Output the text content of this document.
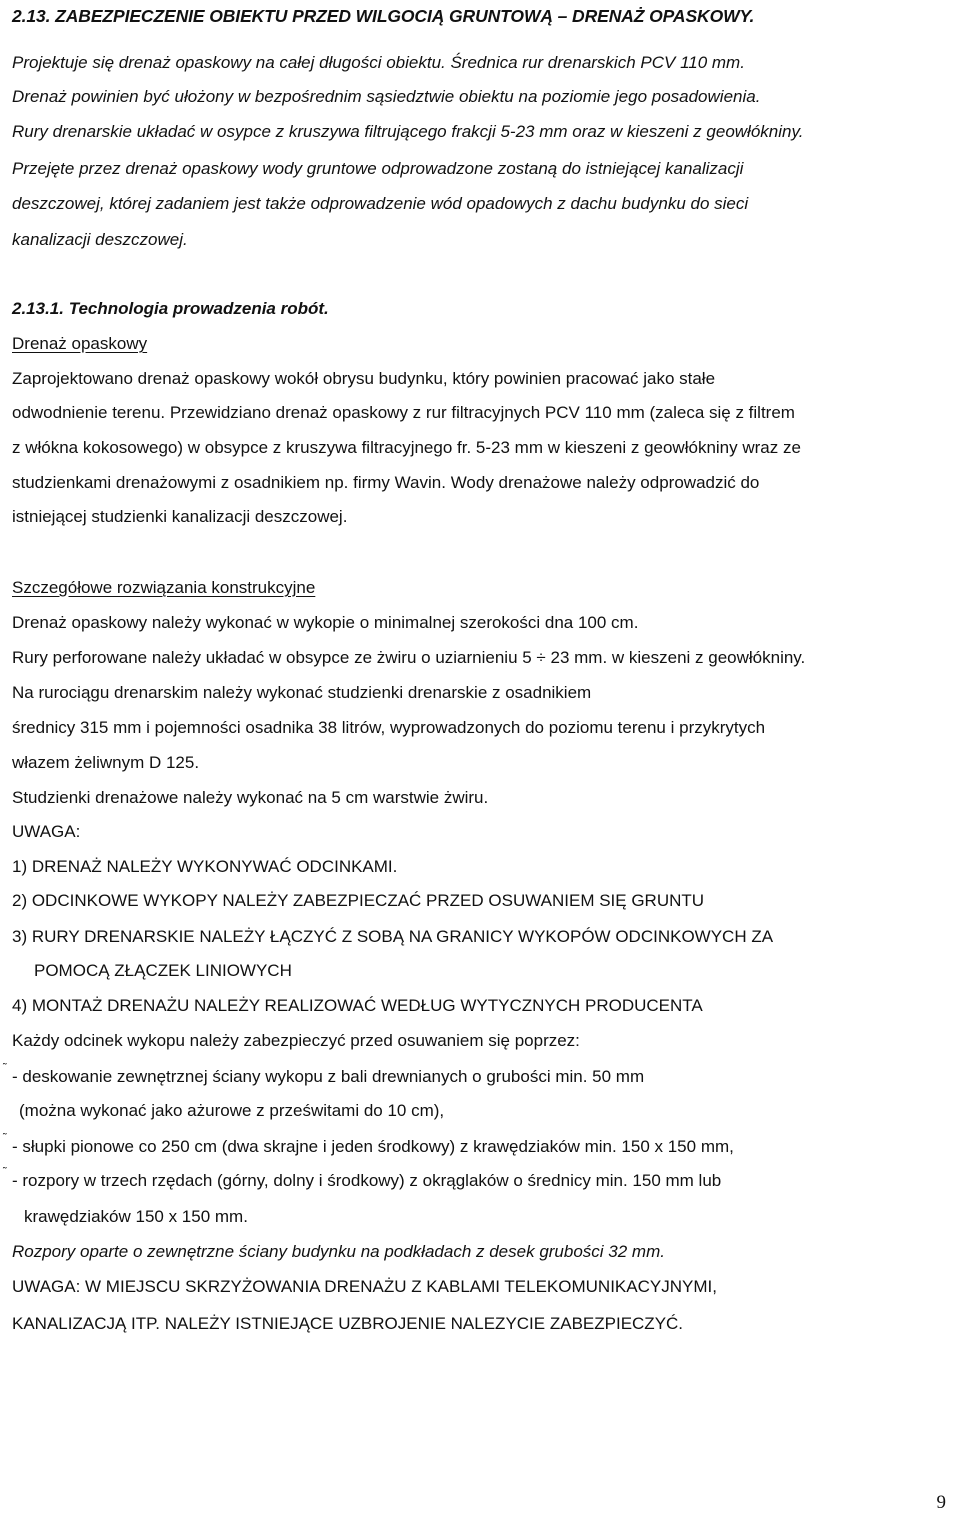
2.13. ZABEZPIECZENIE OBIEKTU PRZED WILGOCIĄ GRUNTOWĄ – DRENAŻ OPASKOWY.

Projektuje się drenaż opaskowy na całej długości obiektu. Średnica rur drenarskich PCV 110 mm.

Drenaż powinien być ułożony w bezpośrednim sąsiedztwie obiektu na poziomie jego posadowienia.

Rury drenarskie układać w osypce z kruszywa filtrującego frakcji 5-23 mm oraz w kieszeni z geowłókniny.

Przejęte przez drenaż opaskowy wody gruntowe odprowadzone zostaną do istniejącej kanalizacji

deszczowej, której zadaniem jest także odprowadzenie wód opadowych z dachu budynku do sieci

kanalizacji deszczowej.

2.13.1. Technologia prowadzenia robót.

Drenaż opaskowy

Zaprojektowano drenaż opaskowy wokół obrysu budynku, który powinien pracować jako stałe

odwodnienie terenu. Przewidziano drenaż opaskowy z rur filtracyjnych PCV 110 mm (zaleca się z filtrem

z włókna kokosowego) w obsypce z kruszywa filtracyjnego fr. 5-23 mm w kieszeni z geowłókniny wraz ze

studzienkami drenażowymi z osadnikiem np. firmy Wavin. Wody drenażowe należy odprowadzić do

istniejącej studzienki kanalizacji deszczowej.

Szczegółowe rozwiązania konstrukcyjne

Drenaż opaskowy należy wykonać w wykopie o minimalnej szerokości dna 100 cm.

Rury perforowane należy układać w obsypce ze żwiru o uziarnieniu 5 ÷ 23 mm. w kieszeni z geowłókniny.

Na rurociągu drenarskim należy wykonać studzienki drenarskie z osadnikiem

średnicy 315 mm i pojemności osadnika 38 litrów, wyprowadzonych do poziomu terenu i przykrytych

włazem żeliwnym D 125.

Studzienki drenażowe należy wykonać na 5 cm warstwie żwiru.

UWAGA:

1) DRENAŻ NALEŻY WYKONYWAĆ ODCINKAMI.

2) ODCINKOWE WYKOPY NALEŻY ZABEZPIECZAĆ PRZED OSUWANIEM SIĘ GRUNTU

3) RURY DRENARSKIE NALEŻY ŁĄCZYĆ Z SOBĄ NA GRANICY WYKOPÓW ODCINKOWYCH ZA

POMOCĄ ZŁĄCZEK LINIOWYCH

4) MONTAŻ DRENAŻU NALEŻY REALIZOWAĆ WEDŁUG WYTYCZNYCH PRODUCENTA

Każdy odcinek wykopu należy zabezpieczyć przed osuwaniem się poprzez:

˜ - deskowanie zewnętrznej ściany wykopu z bali drewnianych o grubości min. 50 mm

(można wykonać jako ażurowe z prześwitami do 10 cm),

˜ - słupki pionowe co 250 cm (dwa skrajne i jeden środkowy) z krawędziaków min. 150 x 150 mm,

˜ - rozpory w trzech rzędach (górny, dolny i środkowy) z okrąglaków o średnicy min. 150 mm lub

krawędziaków 150 x 150 mm.

Rozpory oparte o zewnętrzne ściany budynku na podkładach z desek grubości 32 mm.

UWAGA: W MIEJSCU SKRZYŻOWANIA DRENAŻU Z KABLAMI TELEKOMUNIKACYJNYMI,

KANALIZACJĄ ITP. NALEŻY ISTNIEJĄCE UZBROJENIE NALEZYCIE ZABEZPIECZYĆ.

9
